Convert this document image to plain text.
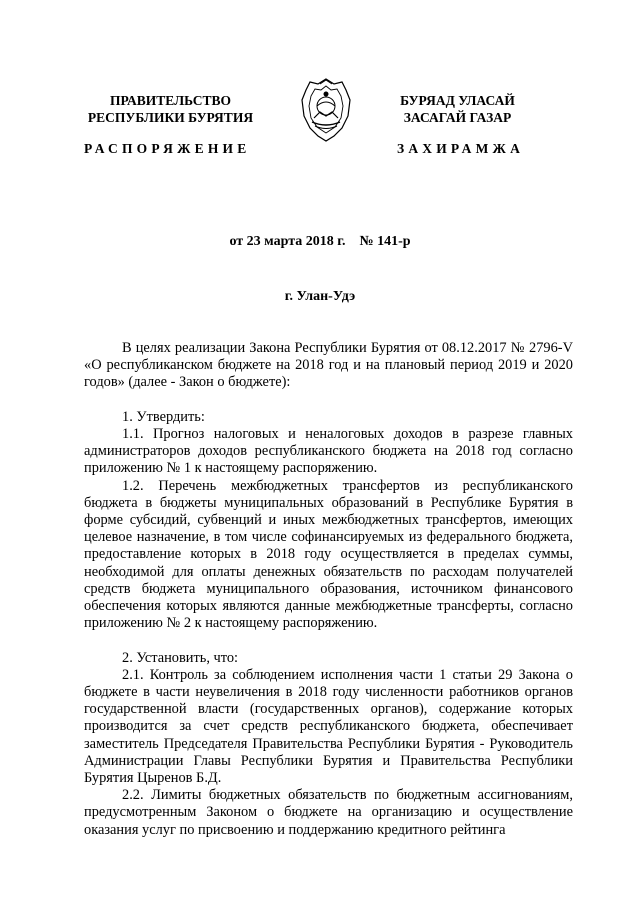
ПРАВИТЕЛЬСТВО
РЕСПУБЛИКИ БУРЯТИЯ
БУРЯАД УЛАСАЙ
ЗАСАГАЙ ГАЗАР
РАСПОРЯЖЕНИЕ	ЗАХИРАМЖА
от 23 марта 2018 г. № 141-р
г. Улан-Удэ

В целях реализации Закона Республики Бурятия от 08.12.2017 № 2796-V «О республиканском бюджете на 2018 год и на плановый период 2019 и 2020 годов» (далее - Закон о бюджете):

1. Утвердить:

1.1. Прогноз налоговых и неналоговых доходов в разрезе главных администраторов доходов республиканского бюджета на 2018 год согласно приложению № 1 к настоящему распоряжению.

1.2. Перечень межбюджетных трансфертов из республиканского бюджета в бюджеты муниципальных образований в Республике Бурятия в форме субсидий, субвенций и иных межбюджетных трансфертов, имеющих целевое назначение, в том числе софинансируемых из федерального бюджета, предоставление которых в 2018 году осуществляется в пределах суммы, необходимой для оплаты денежных обязательств по расходам получателей средств бюджета муниципального образования, источником финансового обеспечения которых являются данные межбюджетные трансферты, согласно приложению № 2 к настоящему распоряжению.

2. Установить, что:

2.1. Контроль за соблюдением исполнения части 1 статьи 29 Закона о бюджете в части неувеличения в 2018 году численности работников органов государственной власти (государственных органов), содержание которых производится за счет средств республиканского бюджета, обеспечивает заместитель Председателя Правительства Республики Бурятия - Руководитель Администрации Главы Республики Бурятия и Правительства Республики Бурятия Цыренов Б.Д.

2.2. Лимиты бюджетных обязательств по бюджетным ассигнованиям, предусмотренным Законом о бюджете на организацию и осуществление оказания услуг по присвоению и поддержанию кредитного рейтинга
